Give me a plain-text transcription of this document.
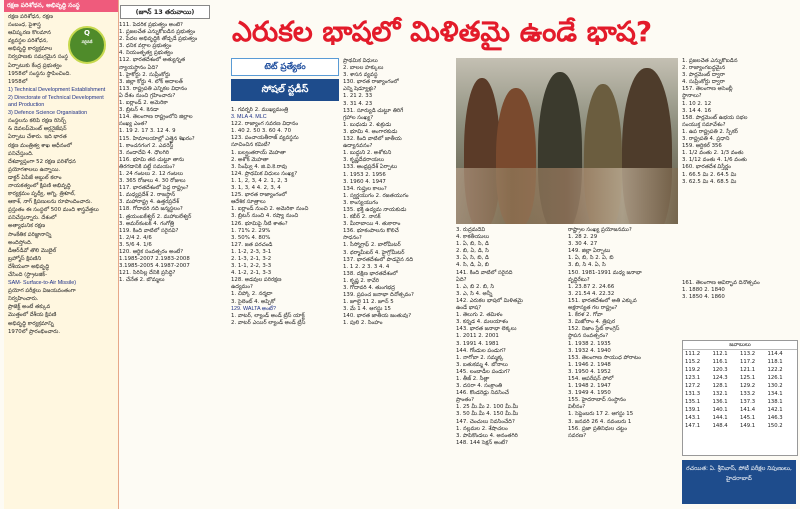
రక్షణ పరిశోధన, అభివృద్ధి సంస్థ

రక్షణ పరిశోధన, రక్షణ

సంబంధ, పైశాస్త్ర

ఆవిష్కరణ కొలమాన

వ్యవస్థల పరిశోధన,

అభివృద్ధి కార్యక్రమాల

నిర్వహణకు సమగ్రమైన సంస్థ

ఏర్పాటుకు కేంద్ర ప్రభుత్వం

1958లో సంస్థను స్థాపించింది.

1958లో

1) Technical Development Establishment

2) Directorate of Technical Development and Production

3) Defence Science Organisation

సంస్థలను కలిపి రక్షణ రిసెర్చ్

& డెవలప్‌మెంట్ ఆర్గనైజేషన్

ఏర్పాటు చేశారు. ఇది భారత

రక్షణ మంత్రిత్వ శాఖ ఆధీనంలో

పనిచేస్తుంది.

దేశవ్యాప్తంగా 52 రక్షణ పరిశోధన

ప్రయోగశాలలు ఉన్నాయి.

డాక్టర్ ఏపీజే అబ్దుల్ కలాం

నాయకత్వంలో క్షిపణి అభివృద్ధి

కార్యక్రమం పృథ్వీ, అగ్ని, త్రిశూల్,

ఆకాశ్, నాగ్ క్షిపణులను రూపొందించారు.

ప్రస్తుతం ఈ సంస్థలో 500 మంది శాస్త్రవేత్తలు

పనిచేస్తున్నారు. దేశంలో

అత్యాధునిక రక్షణ

సాంకేతిక పరిజ్ఞానాన్ని

అందిస్తోంది.

డీఆర్‌డీవో తొలి మొబైల్

బ్రహ్మోస్ క్షిపణిని

దేశీయంగా అభివృద్ధి

చేసింది (స్ట్రాటజిక్-

SAM- Surface-to-Air Missile)

ప్రయోగ పరీక్షలు విజయవంతంగా

నిర్వహించారు.

ప్రాజెక్ట్ అంటే తక్కువ

మొత్తంలో దేశీయ క్షిపణి

అభివృద్ధి కార్యక్రమాన్ని

1970లో ప్రారంభించారు.

Q
సరైనదే
(జూన్ 13 తరువాయి)
ఎరుకల భాషలో మిళితమై ఉండే భాష?

111. పేదరిక ప్రభుత్వం అంటే?

1. ప్రజలచేత ఎన్నుకోబడిన ప్రభుత్వం

2. పేదల అభివృద్ధికి తోడ్పడే ప్రభుత్వం

3. ధనిక వర్గాల ప్రభుత్వం

4. నియంతృత్వ ప్రభుత్వం

112. భారతదేశంలో అత్యున్నత

న్యాయస్థానం ఏది?

1. హైకోర్టు 2. సుప్రీంకోర్టు

3. జిల్లా కోర్టు 4. లోక్ అదాలత్

113. రాష్ట్రపతి ఎన్నికల విధానం

ఏ దేశం నుంచి గ్రహించారు?

1. ఐర్లాండ్ 2. అమెరికా

3. బ్రిటన్ 4. కెనడా

114. తెలంగాణ రాష్ట్రంలోని జిల్లాల

సంఖ్య ఎంత?

1. 19 2. 17 3. 12 4. 9

115. హిమాలయాల్లో ఎత్తైన శిఖరం?

1. కాంచనగంగ 2. ఎవరెస్ట్

3. నందాదేవి 4. ధౌలగిరి

116. భూమి తన చుట్టూ తాను

తిరగడానికి పట్టే సమయం?

1. 24 గంటలు 2. 12 గంటలు

3. 365 రోజులు 4. 30 రోజులు

117. భారతదేశంలో పెద్ద రాష్ట్రం?

1. మధ్యప్రదేశ్ 2. రాజస్థాన్

3. మహారాష్ట్ర 4. ఉత్తరప్రదేశ్

118. గోదావరి నది జన్మస్థలం?

1. త్రయంబకేశ్వర్ 2. మహాబలేశ్వర్

3. అమర్‌కంటక్ 4. గంగోత్రి

119. కింది వాటిలో సరైనవి?

1. 2/4 2. 4/6

3. 5/6 4. 1/6

120. ఆర్థిక సంవత్సరం అంటే?

1.1985-2007 2.1983-2008

3.1985-2005 4.1987-2007

121. సిరిసిల్ల దేనికి ప్రసిద్ధి?

1. చేనేత 2. బొమ్మలు

టెట్ ప్రత్యేకం
సోషల్ స్టడీస్

1. గవర్నర్ 2. ముఖ్యమంత్రి

3. MLA 4. MLC

122. రాజ్యాంగ సవరణ విధానం

1. 40 2. 50 3. 60 4. 70

123. పంచాయతీరాజ్ వ్యవస్థను

సూచించిన కమిటీ?

1. బల్వంతరాయ్ మెహతా

2. అశోక్ మెహతా

3. సింఘ్వీ 4. జి.వి.కె.రావు

124. ప్రాథమిక విధులు సంఖ్య?

1. 1, 2, 3, 4 2. 1, 2, 3

3. 1, 3, 4 4. 2, 3, 4

125. భారత రాజ్యాంగంలో

ఆదేశిక సూత్రాలు

1. ఐర్లాండ్ నుంచి 2. అమెరికా నుంచి

3. బ్రిటన్ నుంచి 4. రష్యా నుంచి

126. భూమిపై నీటి శాతం?

1. 71% 2. 29%

3. 50% 4. 80%

127. జత పరచండి

1. 1-2, 2-3, 3-1

2. 1-3, 2-1, 3-2

3. 1-1, 2-2, 3-3

4. 1-2, 2-1, 3-3

128. అడవుల పరిరక్షణ

ఉద్యమం?

1. చిప్కో 2. నర్మదా

3. సైలెంట్ 4. అప్పికో

129. WALTA అంటే?

1. వాటర్, ల్యాండ్ అండ్ ట్రీస్ యాక్ట్

2. వాటర్ ఎయిర్ ల్యాండ్ అండ్ ట్రీస్

ప్రాథమిక విధులు

2. బాలల హక్కులు

3. శాసన వ్యవస్థ

130. భారత రాజ్యాంగంలో

ఎన్ని షెడ్యూళ్లు?

1. 21 2. 33

3. 31 4. 23

131. సూర్యుడి చుట్టూ తిరిగే

గ్రహాల సంఖ్య?

1. బుధుడు 2. శుక్రుడు

3. భూమి 4. అంగారకుడు

132. కింది వాటిలో జాతీయ

ఉద్యానవనం?

1. బుద్ధుని 2. అశోకుని

3. కృష్ణదేవరాయలు

133. ఆంధ్రప్రదేశ్ ఏర్పాటు

1. 1953 2. 1956

3. 1960 4. 1947

134. గుప్తుల కాలం?

1. స్వర్ణయుగం 2. రజతయుగం

3. కాంస్యయుగం

135. భక్తి ఉద్యమ నాయకుడు

1. కబీర్ 2. నానక్

3. మీరాబాయి 4. తుకారాం

136. భూకంపాలను కొలిచే

సాధనం?

1. సీస్మోగ్రాఫ్ 2. బారోమీటర్

3. థర్మామీటర్ 4. హైగ్రోమీటర్

137. భారతదేశంలో పొడవైన నది

1. 1 2. 2 3. 3 4. 4

138. దక్షిణ భారతదేశంలో

1. కృష్ణ 2. కావేరి

3. గోదావరి 4. తుంగభద్ర

139. ప్రపంచ జనాభా దినోత్సవం?

1. జూలై 11 2. జూన్ 5

3. మే 1 4. ఆగస్టు 15

140. భారత జాతీయ జంతువు?

1. పులి 2. సింహం

3. రుద్రమదేవి

4. కాకతీయులు

1. ఏ, బి, సి, డి

2. బి, ఏ, డి, సి

3. ఏ, సి, బి, డి

4. సి, డి, ఏ, బి

141. కింది వాటిలో సరైనది

ఏది?

1. ఎ, బి 2. బి, సి

3. ఎ, సి 4. అన్నీ

142. ఎరుకల భాషలో మిళితమై

ఉండే భాష?

1. తెలుగు 2. తమిళం

3. కన్నడ 4. మలయాళం

143. భారత జనాభా లెక్కలు

1. 2011 2. 2001

3. 1991 4. 1981

144. గోండుల పండుగ?

1. నాగోబా 2. సమ్మక్క

3. బతుకమ్మ 4. బోనాలు

145. లంబాడీల పండుగ?

1. తీజ్ 2. సీత్లా

3. దసరా 4. సంక్రాంతి

146. కొండరెడ్లు నివసించే

ప్రాంతం?

1. 25 మీ.మీ 2. 100 మీ.మీ

3. 50 మీ.మీ 4. 150 మీ.మీ

147. చెంచులు నివసించేది?

1. నల్లమల 2. శేషాచలం

3. పాపికొండలు 4. అనంతగిరి

148. 144 సెక్షన్ అంటే?

రాష్ట్రాల సంఖ్య ప్రయోజనము?

1. 28 2. 29

3. 30 4. 27

149. జిల్లా ఏర్పాటు

1. ఏ, బి, సి 2. ఏ, బి

3. బి, సి 4. ఏ, సి

150. 1981-1991 మధ్య జనాభా

వృద్ధిరేటు?

1. 23.87 2. 24.66

3. 21.54 4. 22.32

151. భారతదేశంలో అతి ఎక్కువ

అక్షరాస్యత గల రాష్ట్రం?

1. కేరళ 2. గోవా

3. మిజోరాం 4. త్రిపుర

152. నిజాం స్టేట్ కాంగ్రెస్

స్థాపన సంవత్సరం?

1. 1938 2. 1935

3. 1932 4. 1940

153. తెలంగాణ సాయుధ పోరాటం

1. 1946 2. 1948

3. 1950 4. 1952

154. ఆపరేషన్ పోలో

1. 1948 2. 1947

3. 1949 4. 1950

155. హైదరాబాద్ సంస్థానం

విలీనం?

1. సెప్టెంబరు 17 2. ఆగస్టు 15

3. జనవరి 26 4. నవంబరు 1

156. ప్రజా ప్రతినిధుల చట్టం

సవరణ?

1. ప్రజలచేత ఎన్నుకోబడిన

2. రాజ్యాంగబద్ధమైన

3. పార్లమెంట్ ద్వారా

4. సుప్రీంకోర్టు ద్వారా

157. తెలంగాణ అసెంబ్లీ

స్థానాలు?

1. 10 2. 12

3. 14 4. 16

158. పార్లమెంట్ ఉభయ సభల

సంయుక్త సమావేశం?

1. ఉప రాష్ట్రపతి 2. స్పీకర్

3. రాష్ట్రపతి 4. ప్రధాని

159. ఆర్టికల్ 356

1. 1/2 వంతు 2. 1/3 వంతు

3. 1/12 వంతు 4. 1/6 వంతు

160. భారతదేశ విస్తీర్ణం

1. 66.5 మి 2. 64.5 మి

3. 62.5 మి 4. 68.5 మి

161. తెలంగాణ ఆవిర్భావ దినోత్సవం

1. 1880 2. 1840

3. 1850 4. 1860

జవాబులు
111.2	112.1	113.2	114.4
115.2	116.1	117.2	118.1
119.2	120.3	121.1	122.2
123.1	124.3	125.1	126.1
127.2	128.1	129.2	130.2
131.3	132.1	133.2	134.1
135.1	136.1	137.3	138.1
139.1	140.1	141.4	142.1
143.1	144.1	145.1	146.3
147.1	148.4	149.1	150.2
రచయిత: ఏ. శ్రీనివాస్, పోటీ పరీక్షల నిపుణులు, హైదరాబాద్
